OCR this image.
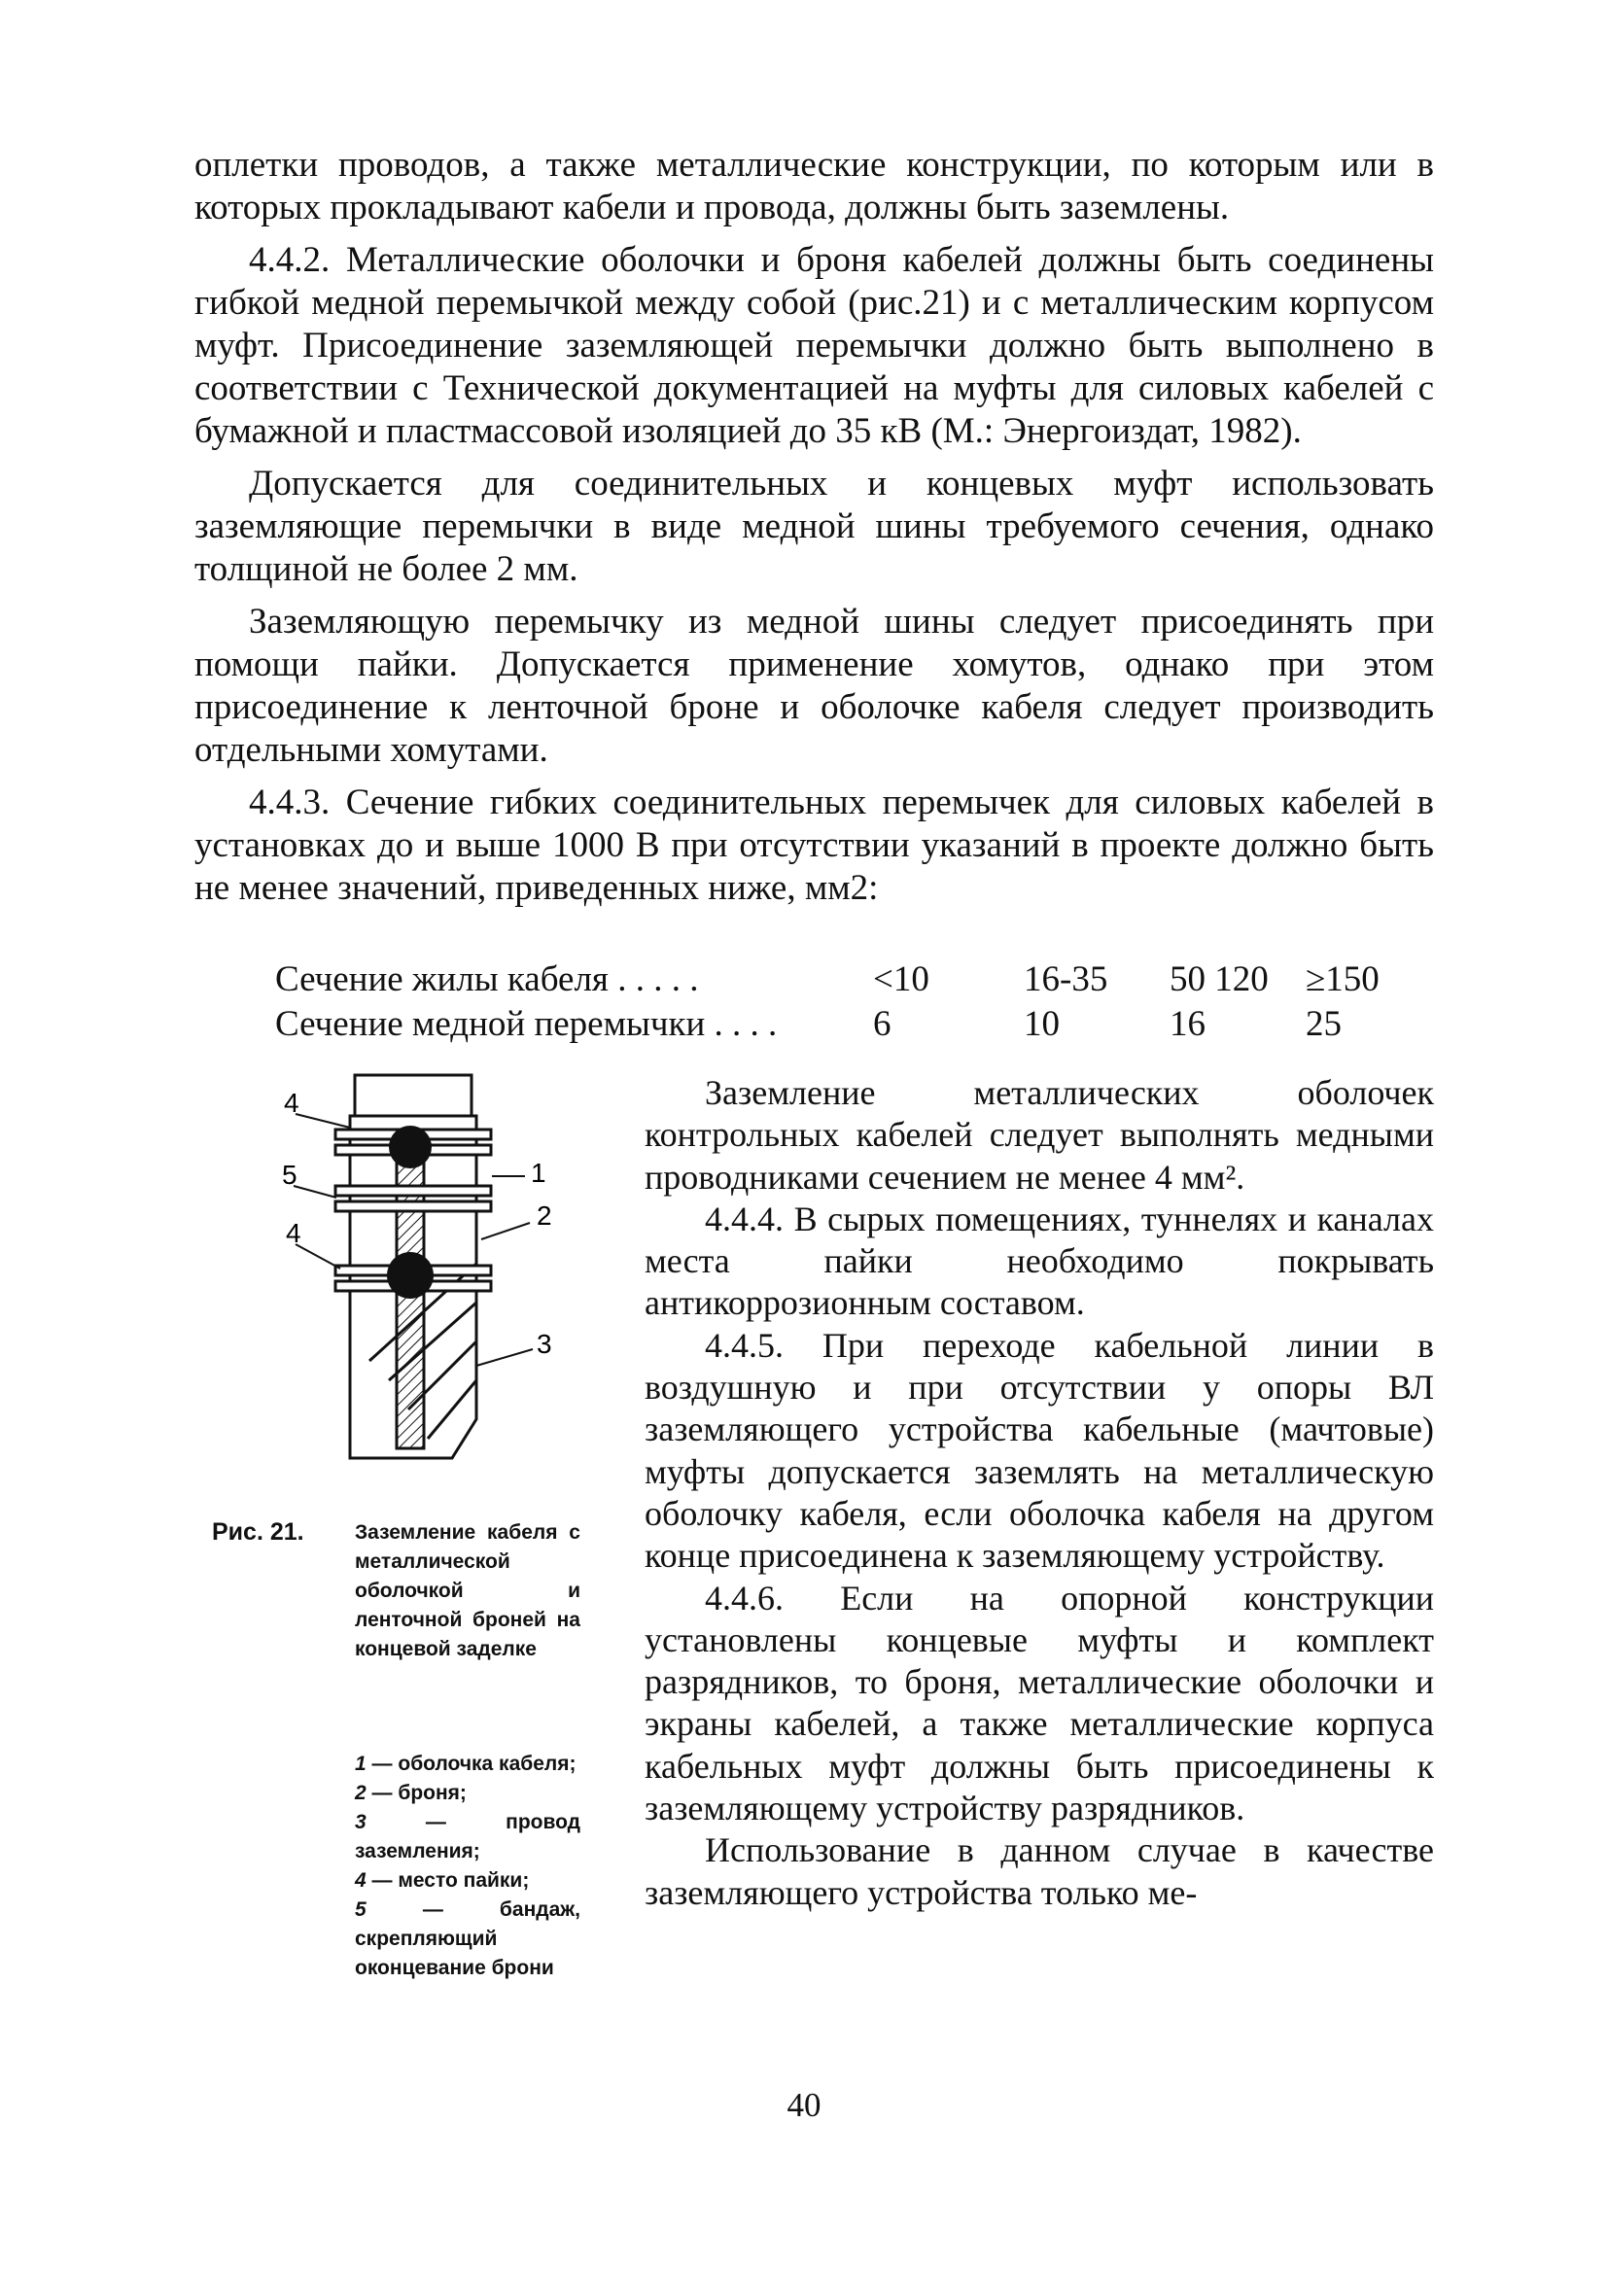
оплетки проводов, а также металлические конструкции, по которым или в которых прокладывают кабели и провода, должны быть заземлены.

4.4.2. Металлические оболочки и броня кабелей должны быть соединены гибкой медной перемычкой между собой (рис.21) и с металлическим корпусом муфт. Присоединение заземляющей перемычки должно быть выполнено в соответствии с Технической документацией на муфты для силовых кабелей с бумажной и пластмассовой изоляцией до 35 кВ (М.: Энергоиздат, 1982).

Допускается для соединительных и концевых муфт использовать заземляющие перемычки в виде медной шины требуемого сечения, однако толщиной не более 2 мм.

Заземляющую перемычку из медной шины следует присоединять при помощи пайки. Допускается применение хомутов, однако при этом присоединение к ленточной броне и оболочке кабеля следует производить отдельными хомутами.

4.4.3. Сечение гибких соединительных перемычек для силовых кабелей в установках до и выше 1000 В при отсутствии указаний в проекте должно быть не менее значений, приведенных ниже, мм2:

Сечение жилы кабеля . . . . .	<10	16-35	50 120	≥150
Сечение медной перемычки . . . .	6	10	16	25
4
5
4
1
2
3
Рис. 21. Заземление кабеля с металлической оболочкой и ленточной броней на концевой заделке

1 — оболочка кабеля;
2 — броня;
3	— провод заземления;
4 — место пайки;
5	— бандаж, скрепляющий оконцевание брони

Заземление металлических оболочек контрольных кабелей следует выполнять медными проводниками сечением не менее 4 мм².

4.4.4. В сырых помещениях, туннелях и каналах места пайки необходимо покрывать антикоррозионным составом.

4.4.5. При переходе кабельной линии в воздушную и при отсутствии у опоры ВЛ заземляющего устройства кабельные (мачтовые) муфты допускается заземлять на металлическую оболочку кабеля, если оболочка кабеля на другом конце присоединена к заземляющему устройству.

4.4.6. Если на опорной конструкции установлены концевые муфты и комплект разрядников, то броня, металлические оболочки и экраны кабелей, а также металлические корпуса кабельных муфт должны быть присоединены к заземляющему устройству разрядников.

Использование в данном случае в качестве заземляющего устройства только ме-

40
